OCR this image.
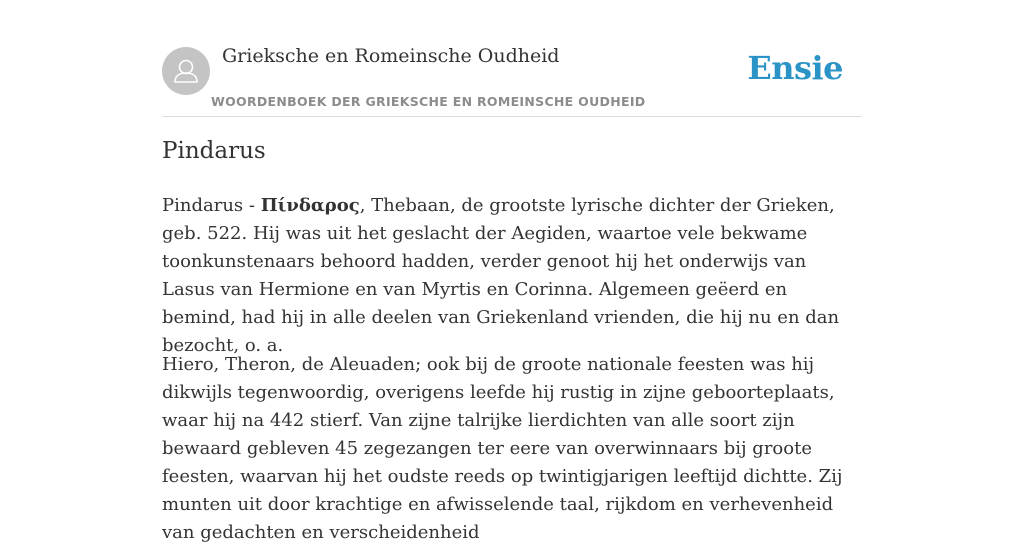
Grieksche en Romeinsche Oudheid
WOORDENBOEK DER GRIEKSCHE EN ROMEINSCHE OUDHEID
Ensie
Pindarus

Pindarus - Πίνδαρος, Thebaan, de grootste lyrische dichter der Grieken, geb. 522. Hij was uit het geslacht der Aegiden, waartoe vele bekwame toonkunstenaars behoord hadden, verder genoot hij het onderwijs van Lasus van Hermione en van Myrtis en Corinna. Algemeen geëerd en bemind, had hij in alle deelen van Griekenland vrienden, die hij nu en dan bezocht, o. a.

Hiero, Theron, de Aleuaden; ook bij de groote nationale feesten was hij dikwijls tegenwoordig, overigens leefde hij rustig in zijne geboorteplaats, waar hij na 442 stierf. Van zijne talrijke lierdichten van alle soort zijn bewaard gebleven 45 zegezangen ter eere van overwinnaars bij groote feesten, waarvan hij het oudste reeds op twintigjarigen leeftijd dichtte. Zij munten uit door krachtige en afwisselende taal, rijkdom en verhevenheid van gedachten en verscheidenheid
